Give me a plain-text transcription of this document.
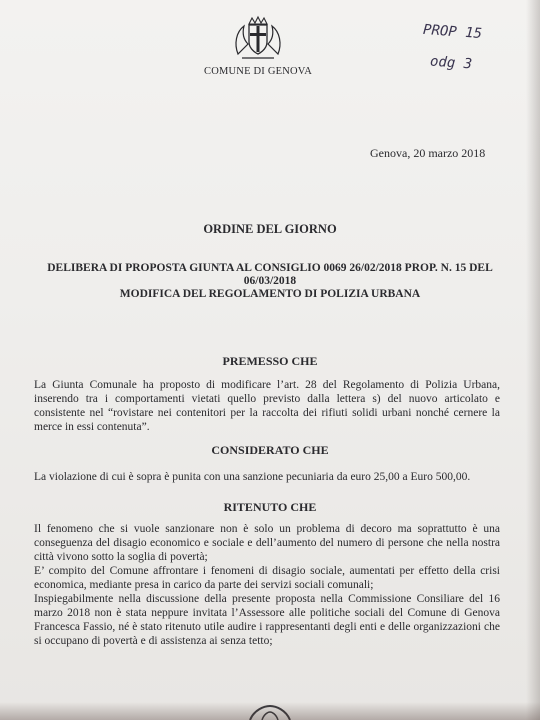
COMUNE DI GENOVA
PROP 15
odg 3
Genova, 20 marzo 2018
ORDINE DEL GIORNO
DELIBERA DI PROPOSTA GIUNTA AL CONSIGLIO 0069 26/02/2018 PROP. N. 15 DEL
06/03/2018
MODIFICA DEL REGOLAMENTO DI POLIZIA URBANA
PREMESSO CHE
La Giunta Comunale ha proposto di modificare l’art. 28 del Regolamento di Polizia Urbana, inserendo tra i comportamenti vietati quello previsto dalla lettera s) del nuovo articolato e consistente nel “rovistare nei contenitori per la raccolta dei rifiuti solidi urbani nonché cernere la merce in essi contenuta”.
CONSIDERATO CHE
La violazione di cui è sopra è punita con una sanzione pecuniaria da euro 25,00 a Euro 500,00.
RITENUTO CHE
Il fenomeno che si vuole sanzionare non è solo un problema di decoro ma soprattutto è una conseguenza del disagio economico e sociale e dell’aumento del numero di persone che nella nostra città vivono sotto la soglia di povertà;
E’ compito del Comune affrontare i fenomeni di disagio sociale, aumentati per effetto della crisi economica, mediante presa in carico da parte dei servizi sociali comunali;
Inspiegabilmente nella discussione della presente proposta nella Commissione Consiliare del 16 marzo 2018 non è stata neppure invitata l’Assessore alle politiche sociali del Comune di Genova Francesca Fassio, né è stato ritenuto utile audire i rappresentanti degli enti e delle organizzazioni che si occupano di povertà e di assistenza ai senza tetto;
